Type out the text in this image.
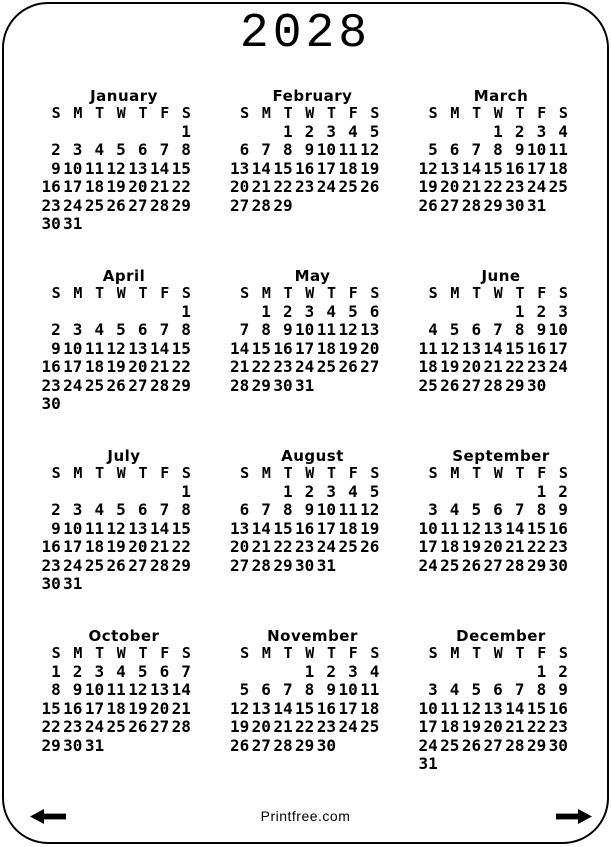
2028
January
S M T W T F S
1
2 3 4 5 6 7 8
9 10 11 12 13 14 15
16 17 18 19 20 21 22
23 24 25 26 27 28 29
30 31
February
S M T W T F S
1 2 3 4 5
6 7 8 9 10 11 12
13 14 15 16 17 18 19
20 21 22 23 24 25 26
27 28 29
March
S M T W T F S
1 2 3 4
5 6 7 8 9 10 11
12 13 14 15 16 17 18
19 20 21 22 23 24 25
26 27 28 29 30 31
April
S M T W T F S
1
2 3 4 5 6 7 8
9 10 11 12 13 14 15
16 17 18 19 20 21 22
23 24 25 26 27 28 29
30
May
S M T W T F S
1 2 3 4 5 6
7 8 9 10 11 12 13
14 15 16 17 18 19 20
21 22 23 24 25 26 27
28 29 30 31
June
S M T W T F S
1 2 3
4 5 6 7 8 9 10
11 12 13 14 15 16 17
18 19 20 21 22 23 24
25 26 27 28 29 30
July
S M T W T F S
1
2 3 4 5 6 7 8
9 10 11 12 13 14 15
16 17 18 19 20 21 22
23 24 25 26 27 28 29
30 31
August
S M T W T F S
1 2 3 4 5
6 7 8 9 10 11 12
13 14 15 16 17 18 19
20 21 22 23 24 25 26
27 28 29 30 31
September
S M T W T F S
1 2
3 4 5 6 7 8 9
10 11 12 13 14 15 16
17 18 19 20 21 22 23
24 25 26 27 28 29 30
October
S M T W T F S
1 2 3 4 5 6 7
8 9 10 11 12 13 14
15 16 17 18 19 20 21
22 23 24 25 26 27 28
29 30 31
November
S M T W T F S
1 2 3 4
5 6 7 8 9 10 11
12 13 14 15 16 17 18
19 20 21 22 23 24 25
26 27 28 29 30
December
S M T W T F S
1 2
3 4 5 6 7 8 9
10 11 12 13 14 15 16
17 18 19 20 21 22 23
24 25 26 27 28 29 30
31
Printfree.com
